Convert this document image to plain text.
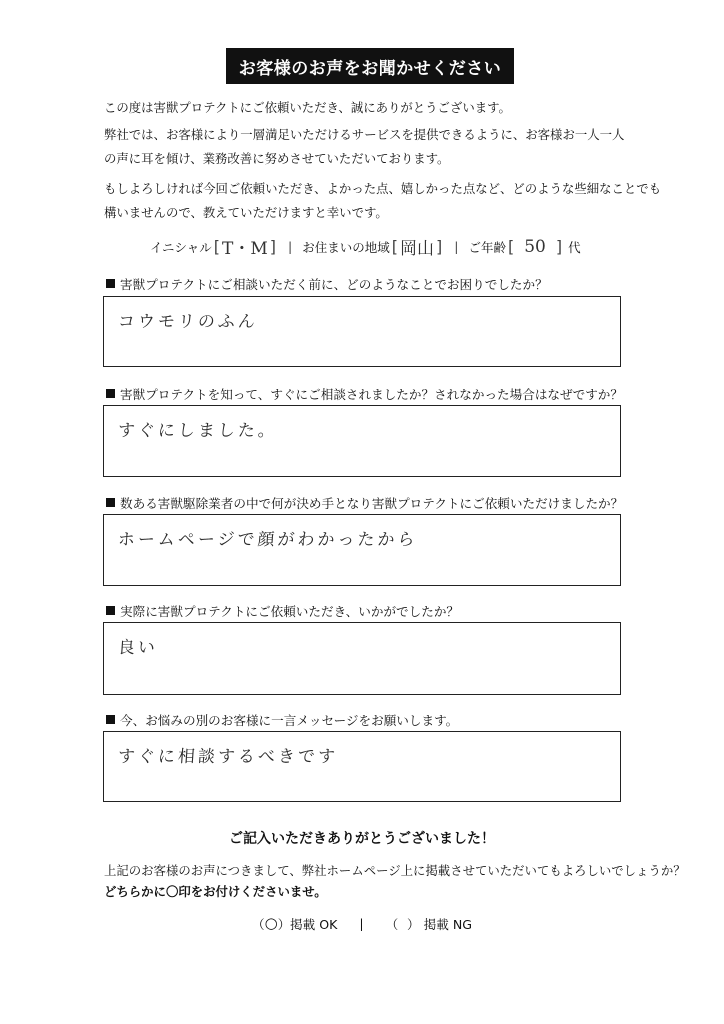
お客様のお声をお聞かせください
この度は害獣プロテクトにご依頼いただき、誠にありがとうございます。
弊社では、お客様により一層満足いただけるサービスを提供できるように、お客様お一人一人
の声に耳を傾け、業務改善に努めさせていただいております。
もしよろしければ今回ご依頼いただき、よかった点、嬉しかった点など、どのような些細なことでも
構いませんので、教えていただけますと幸いです。
イニシャル [ T・M ] | お住まいの地域 [ 岡山 ] | ご年齢 [ 50 ] 代
害獣プロテクトにご相談いただく前に、どのようなことでお困りでしたか？
コウモリのふん
害獣プロテクトを知って、すぐにご相談されましたか？されなかった場合はなぜですか？
すぐにしました。
数ある害獣駆除業者の中で何が決め手となり害獣プロテクトにご依頼いただけましたか？
ホームページで顔がわかったから
実際に害獣プロテクトにご依頼いただき、いかがでしたか？
良い
今、お悩みの別のお客様に一言メッセージをお願いします。
すぐに相談するべきです
ご記入いただきありがとうございました！
上記のお客様のお声につきまして、弊社ホームページ上に掲載させていただいてもよろしいでしょうか？
どちらかに〇印をお付けくださいませ。
（ ○ ） 掲載 OK | （ ） 掲載 NG
